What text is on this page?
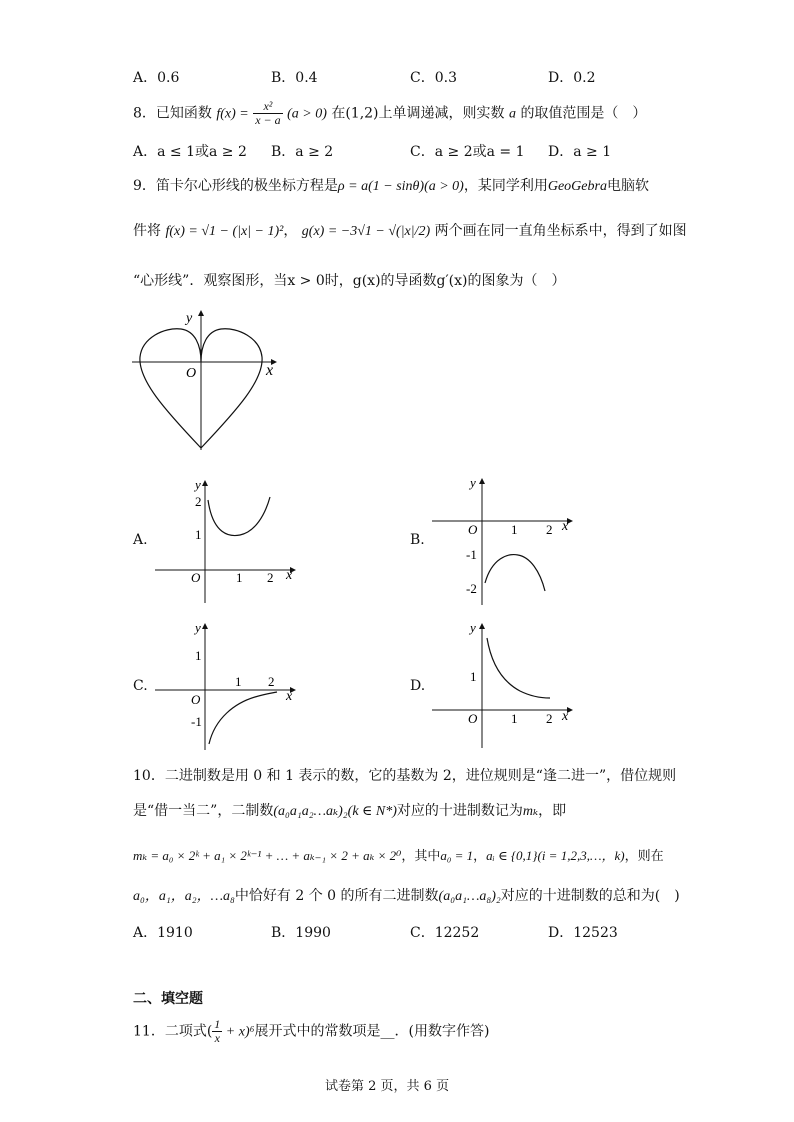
A．0.6	B．0.4	C．0.3	D．0.2
8．已知函数 $f(x) = \frac{\text{x²}}{x - a} (a > 0)$ 在(1,2)上单调递减，则实数 a 的取值范围是（　）
A．a ≤ 1或a ≥ 2 B．a ≥ 2	C．a ≥ 2或a = 1 D．a ≥ 1
9．笛卡尔心形线的极坐标方程是ρ = a(1 − sinθ)(a > 0)，某同学利用GeoGebra电脑软
件将 f(x) = √1 − (|x| − 1)²， g(x) = −3√1 − √(|x|/2) 两个画在同一直角坐标系中，得到了如图
“心形线”．观察图形，当x > 0时，g(x)的导函数g′(x)的图象为（　）
y
x
O
A.
y
x
O	1 2
1
2
B.
y
x
O	1 2
-1
-2
C.
y
x
O
1 2
1
-1
D.
y
x
O	1 2
1
10．二进制数是用 0 和 1 表示的数，它的基数为 2，进位规则是“逢二进一”，借位规则
是“借一当二”，二制数(a₀a₁a₂…aₖ)₂(k ∈ N*)对应的十进制数记为mₖ，即
mₖ = a₀ × 2ᵏ + a₁ × 2ᵏ⁻¹ + … + aₖ₋₁ × 2 + aₖ × 2⁰，其中a₀ = 1，aᵢ ∈ {0,1}(i = 1,2,3,…，k)，则在
a₀，a₁，a₂，…a₈中恰好有 2 个 0 的所有二进制数(a₀a₁…a₈)₂对应的十进制数的总和为(　)
A．1910	B．1990	C．12252	D．12523
二、填空题
11．二项式( $\frac{1}{x} + x)^6$展开式中的常数项是__．(用数字作答)
试卷第 2 页，共 6 页
